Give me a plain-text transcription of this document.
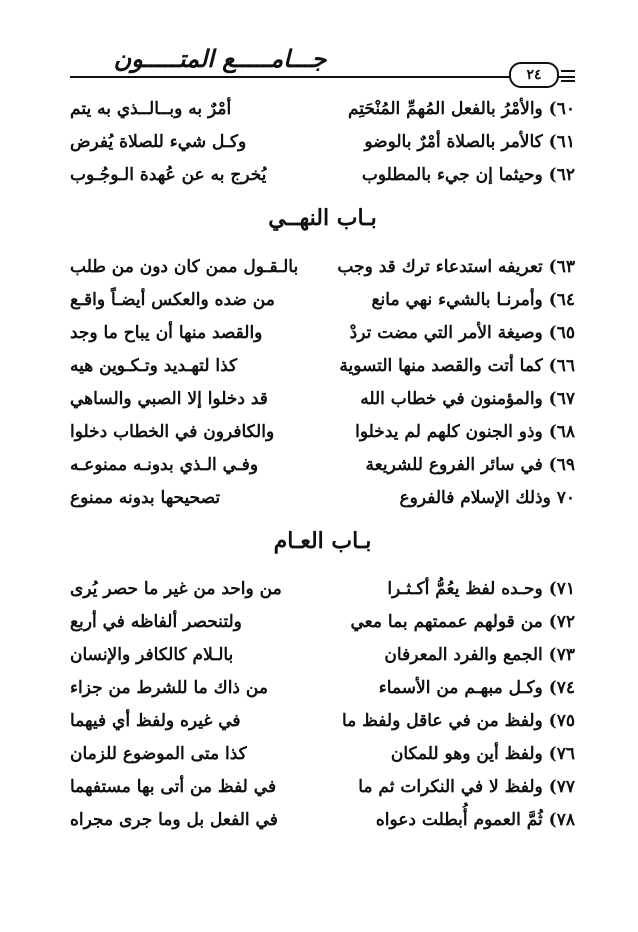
جـــامـــــع المتـــــون
٢٤
٦٠) والأمْرُ بالفعل المُهمِّ المُنْحَتِم
أمْرٌ به وبــالــذي به يتم
٦١) كالأمر بالصلاة أمْرٌ بالوضو
وكـل شيء للصلاة يُفرض
٦٢) وحيثما إن جيء بالمطلوب
يُخرج به عن عُهدة الـوجُـوب
بـاب النهــي
٦٣) تعريفه استدعاء ترك قد وجب
بالـقـول ممن كان دون من طلب
٦٤) وأمرنـا بالشيء نهي مانع
من ضده والعكس أيضـاً واقـع
٦٥) وصيغة الأمر التي مضت تردْ
والقصد منها أن يباح ما وجد
٦٦) كما أتت والقصد منها التسوية
كذا لتهـديد وتـكـوين هيه
٦٧) والمؤمنون في خطاب الله
قد دخلوا إلا الصبي والساهي
٦٨) وذو الجنون كلهم لم يدخلوا
والكافرون في الخطاب دخلوا
٦٩) في سائر الفروع للشريعة
وفـي الـذي بدونـه ممنوعـه
٧٠ وذلك الإسلام فالفروع
تصحيحها بدونه ممنوع
بـاب العـام
٧١) وحـده لفظ يعُمُّ أكـثـرا
من واحد من غير ما حصر يُرى
٧٢) من قولهم عممتهم بما معي
ولتنحصر ألفاظه في أربع
٧٣) الجمع والفرد المعرفان
بالـلام كالكافر والإنسان
٧٤) وكـل مبهـم من الأسماء
من ذاك ما للشرط من جزاء
٧٥) ولفظ من في عاقل ولفظ ما
في غيره ولفظ أي فيهما
٧٦) ولفظ أين وهو للمكان
كذا متى الموضوع للزمان
٧٧) ولفظ لا في النكرات ثم ما
في لفظ من أتى بها مستفهما
٧٨) ثُمَّ العموم أُبطلت دعواه
في الفعل بل وما جرى مجراه
